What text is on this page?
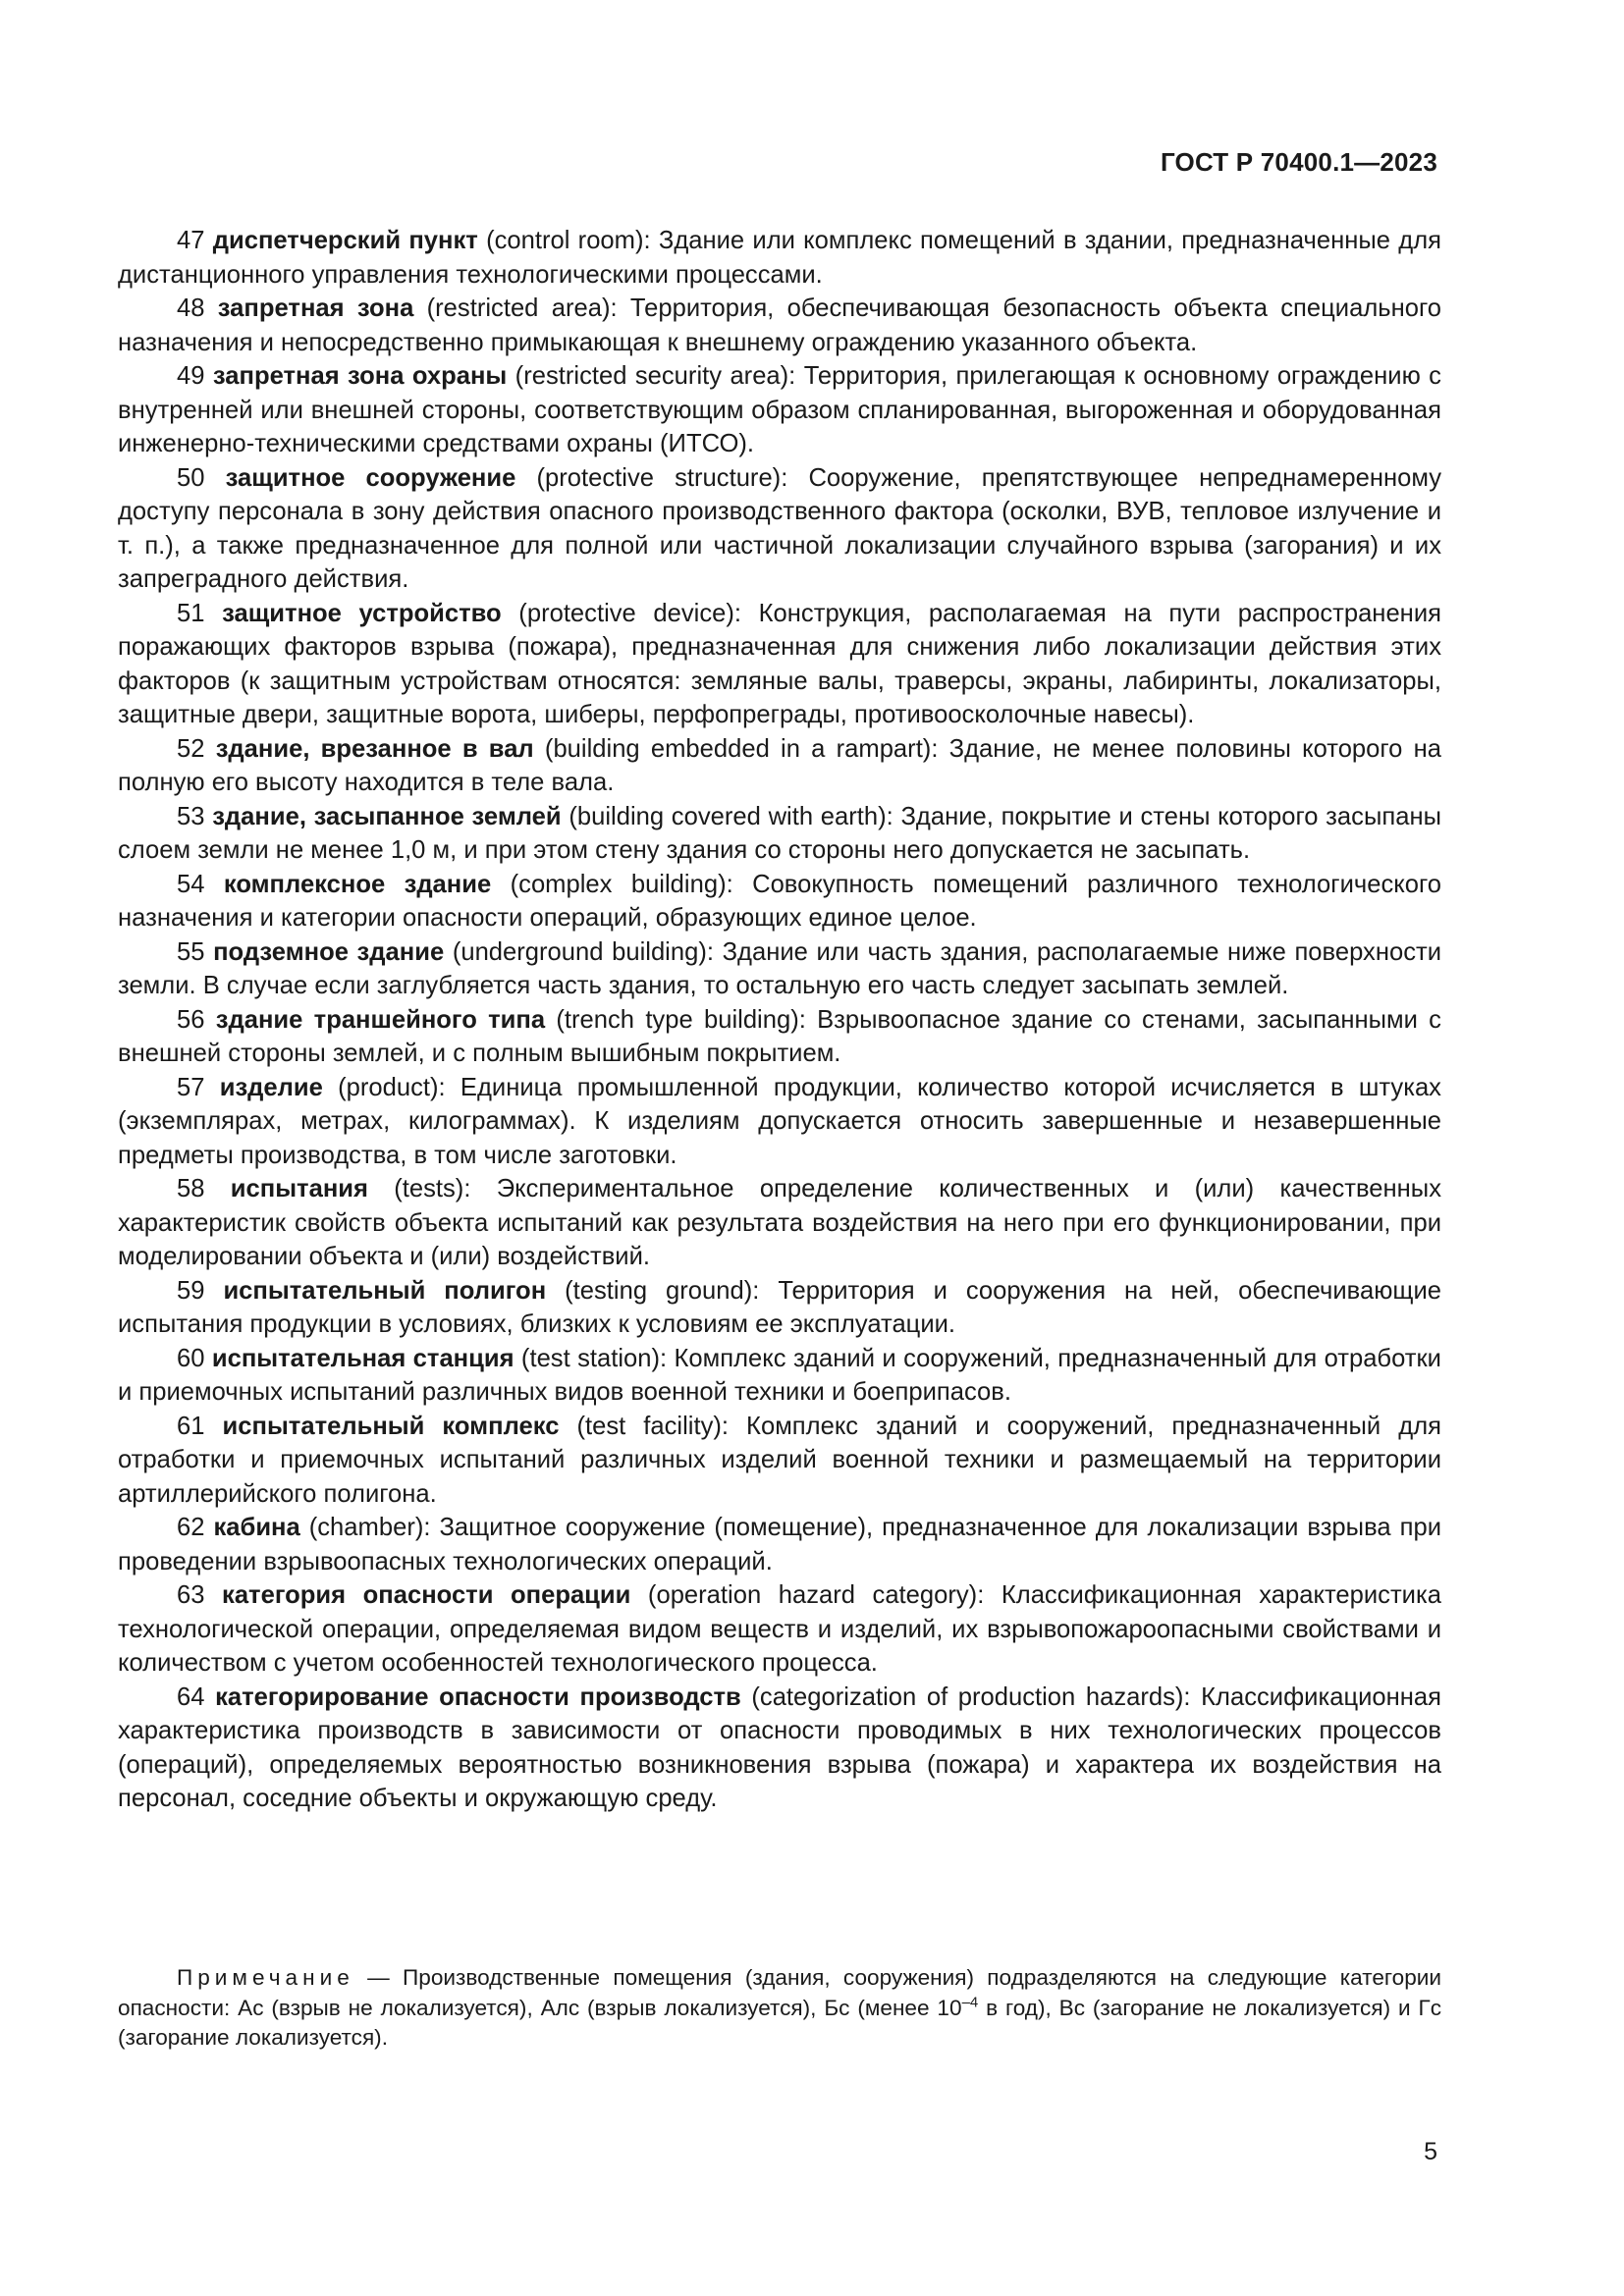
ГОСТ Р 70400.1—2023

47 диспетчерский пункт (control room): Здание или комплекс помещений в здании, предназначенные для дистанционного управления технологическими процессами.

48 запретная зона (restricted area): Территория, обеспечивающая безопасность объекта специального назначения и непосредственно примыкающая к внешнему ограждению указанного объекта.

49 запретная зона охраны (restricted security area): Территория, прилегающая к основному ограждению с внутренней или внешней стороны, соответствующим образом спланированная, выгороженная и оборудованная инженерно-техническими средствами охраны (ИТСО).

50 защитное сооружение (protective structure): Сооружение, препятствующее непреднамеренному доступу персонала в зону действия опасного производственного фактора (осколки, ВУВ, тепловое излучение и т. п.), а также предназначенное для полной или частичной локализации случайного взрыва (загорания) и их запреградного действия.

51 защитное устройство (protective device): Конструкция, располагаемая на пути распространения поражающих факторов взрыва (пожара), предназначенная для снижения либо локализации действия этих факторов (к защитным устройствам относятся: земляные валы, траверсы, экраны, лабиринты, локализаторы, защитные двери, защитные ворота, шиберы, перфопреграды, противоосколочные навесы).

52 здание, врезанное в вал (building embedded in a rampart): Здание, не менее половины которого на полную его высоту находится в теле вала.

53 здание, засыпанное землей (building covered with earth): Здание, покрытие и стены которого засыпаны слоем земли не менее 1,0 м, и при этом стену здания со стороны него допускается не засыпать.

54 комплексное здание (complex building): Совокупность помещений различного технологического назначения и категории опасности операций, образующих единое целое.

55 подземное здание (underground building): Здание или часть здания, располагаемые ниже поверхности земли. В случае если заглубляется часть здания, то остальную его часть следует засыпать землей.

56 здание траншейного типа (trench type building): Взрывоопасное здание со стенами, засыпанными с внешней стороны землей, и с полным вышибным покрытием.

57 изделие (product): Единица промышленной продукции, количество которой исчисляется в штуках (экземплярах, метрах, килограммах). К изделиям допускается относить завершенные и незавершенные предметы производства, в том числе заготовки.

58 испытания (tests): Экспериментальное определение количественных и (или) качественных характеристик свойств объекта испытаний как результата воздействия на него при его функционировании, при моделировании объекта и (или) воздействий.

59 испытательный полигон (testing ground): Территория и сооружения на ней, обеспечивающие испытания продукции в условиях, близких к условиям ее эксплуатации.

60 испытательная станция (test station): Комплекс зданий и сооружений, предназначенный для отработки и приемочных испытаний различных видов военной техники и боеприпасов.

61 испытательный комплекс (test facility): Комплекс зданий и сооружений, предназначенный для отработки и приемочных испытаний различных изделий военной техники и размещаемый на территории артиллерийского полигона.

62 кабина (chamber): Защитное сооружение (помещение), предназначенное для локализации взрыва при проведении взрывоопасных технологических операций.

63 категория опасности операции (operation hazard category): Классификационная характеристика технологической операции, определяемая видом веществ и изделий, их взрывопожароопасными свойствами и количеством с учетом особенностей технологического процесса.

64 категорирование опасности производств (categorization of production hazards): Классификационная характеристика производств в зависимости от опасности проводимых в них технологических процессов (операций), определяемых вероятностью возникновения взрыва (пожара) и характера их воздействия на персонал, соседние объекты и окружающую среду.

Примечание — Производственные помещения (здания, сооружения) подразделяются на следующие категории опасности: Ас (взрыв не локализуется), Алс (взрыв локализуется), Бс (менее $10^{-4}$ в год), Вс (загорание не локализуется) и Гс (загорание локализуется).
5
